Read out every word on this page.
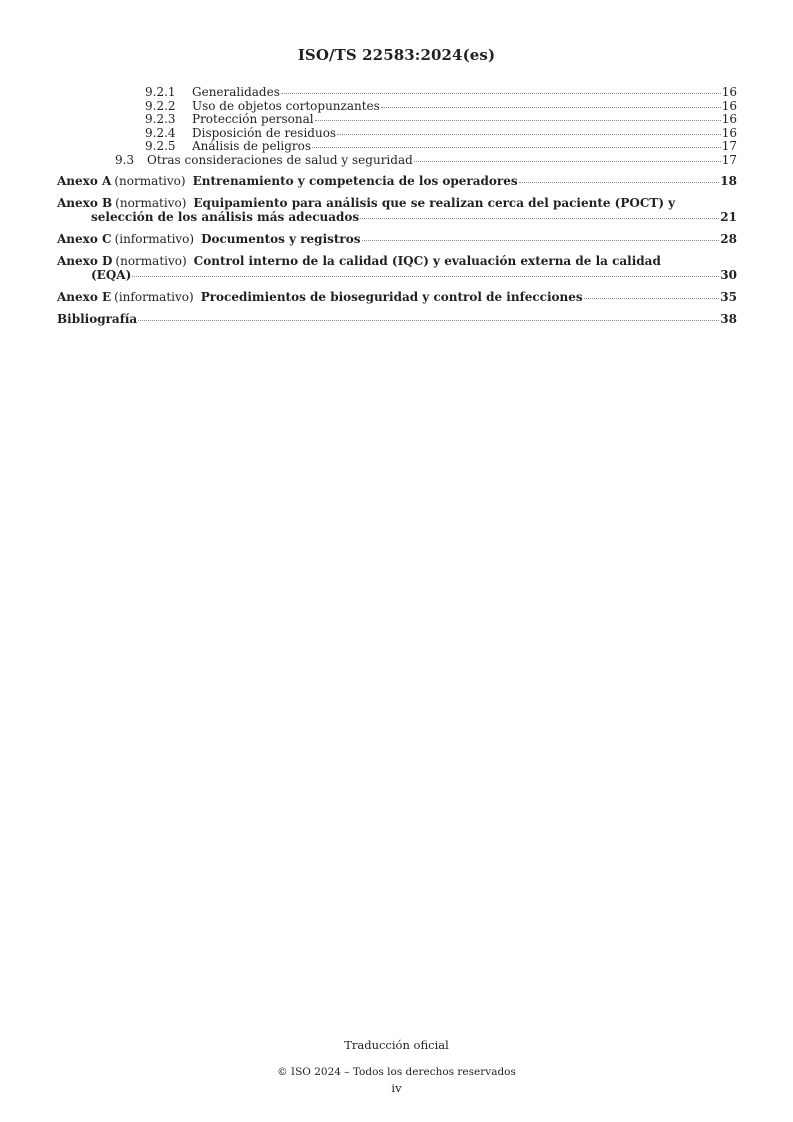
ISO/TS 22583:2024(es)
9.2.1	Generalidades	16
9.2.2	Uso de objetos cortopunzantes	16
9.2.3	Protección personal	16
9.2.4	Disposición de residuos	16
9.2.5	Análisis de peligros	17
9.3	Otras consideraciones de salud y seguridad	17
Anexo A (normativo) Entrenamiento y competencia de los operadores	18
Anexo B (normativo) Equipamiento para análisis que se realizan cerca del paciente (POCT) y
selección de los análisis más adecuados	21
Anexo C (informativo) Documentos y registros	28
Anexo D (normativo) Control interno de la calidad (IQC) y evaluación externa de la calidad
(EQA)	30
Anexo E (informativo) Procedimientos de bioseguridad y control de infecciones	35
Bibliografía	38
Traducción oficial
© ISO 2024 – Todos los derechos reservados
iv
